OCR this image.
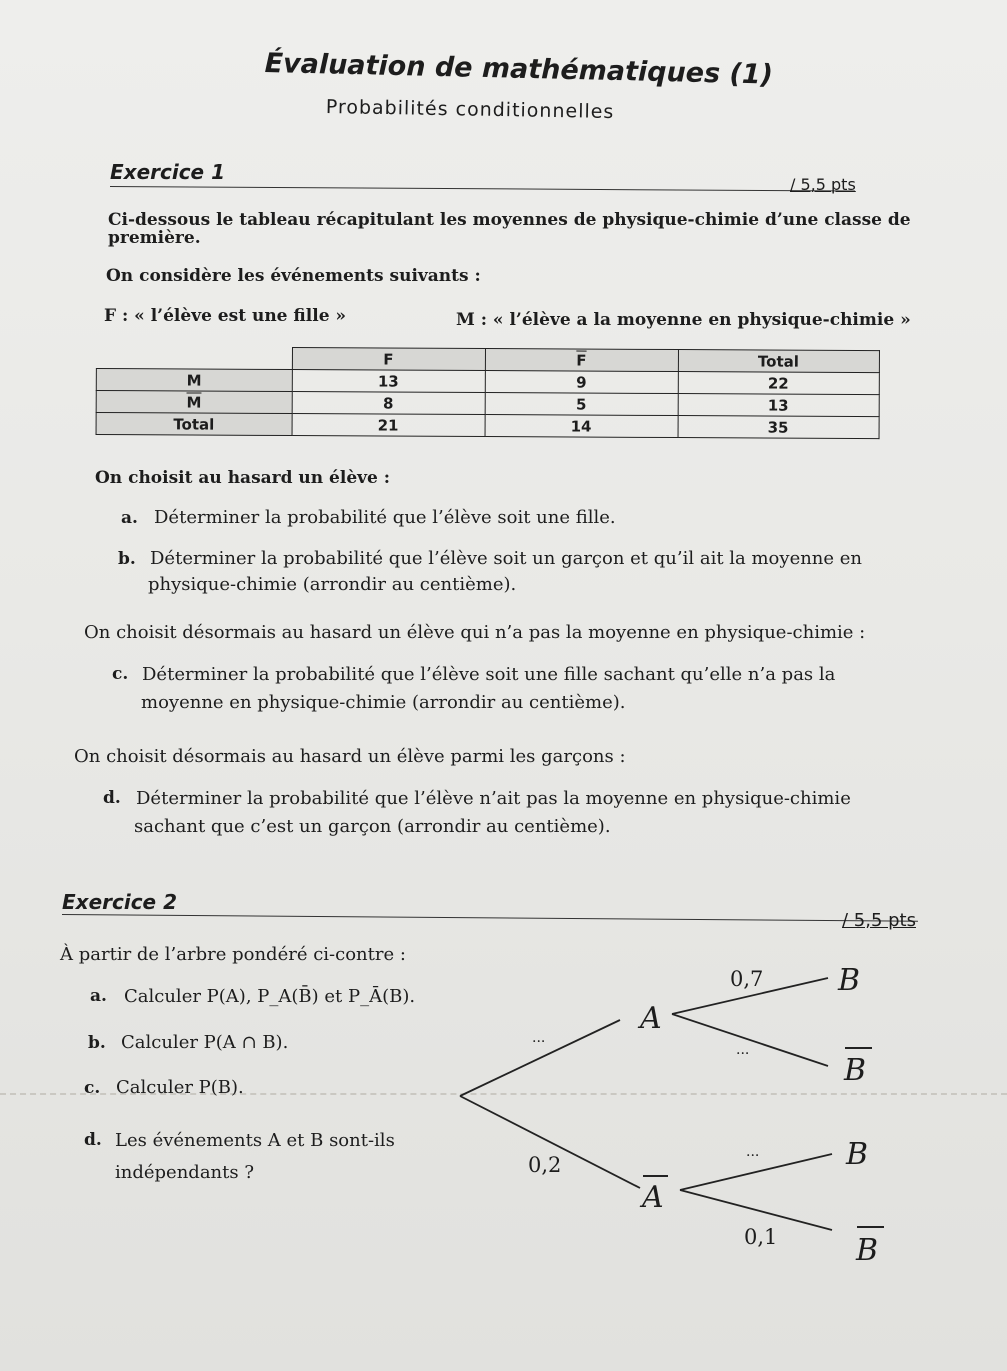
Évaluation de mathématiques (1)
Probabilités conditionnelles
Exercice 1
/ 5,5 pts
Ci-dessous le tableau récapitulant les moyennes de physique-chimie d’une classe de
première.
On considère les événements suivants :
F : « l’élève est une fille »	M : « l’élève a la moyenne en physique-chimie »
	F	$\overline{F}$	Total
M	13	9	22
$\overline{M}$	8	5	13
Total	21	14	35
On choisit au hasard un élève :
a. Déterminer la probabilité que l’élève soit une fille.
b. Déterminer la probabilité que l’élève soit un garçon et qu’il ait la moyenne en
physique-chimie (arrondir au centième).
On choisit désormais au hasard un élève qui n’a pas la moyenne en physique-chimie :
c. Déterminer la probabilité que l’élève soit une fille sachant qu’elle n’a pas la
moyenne en physique-chimie (arrondir au centième).
On choisit désormais au hasard un élève parmi les garçons :
d. Déterminer la probabilité que l’élève n’ait pas la moyenne en physique-chimie
sachant que c’est un garçon (arrondir au centième).
Exercice 2
/ 5,5 pts
À partir de l’arbre pondéré ci-contre :
a. Calculer P(A), P_A(B̄) et P_Ā(B).
b. Calculer P(A ∩ B).
c. Calculer P(B).
d. Les événements A et B sont-ils
indépendants ?
A
A
B
B
B
B
...
0,2
0,7
...
...
0,1
